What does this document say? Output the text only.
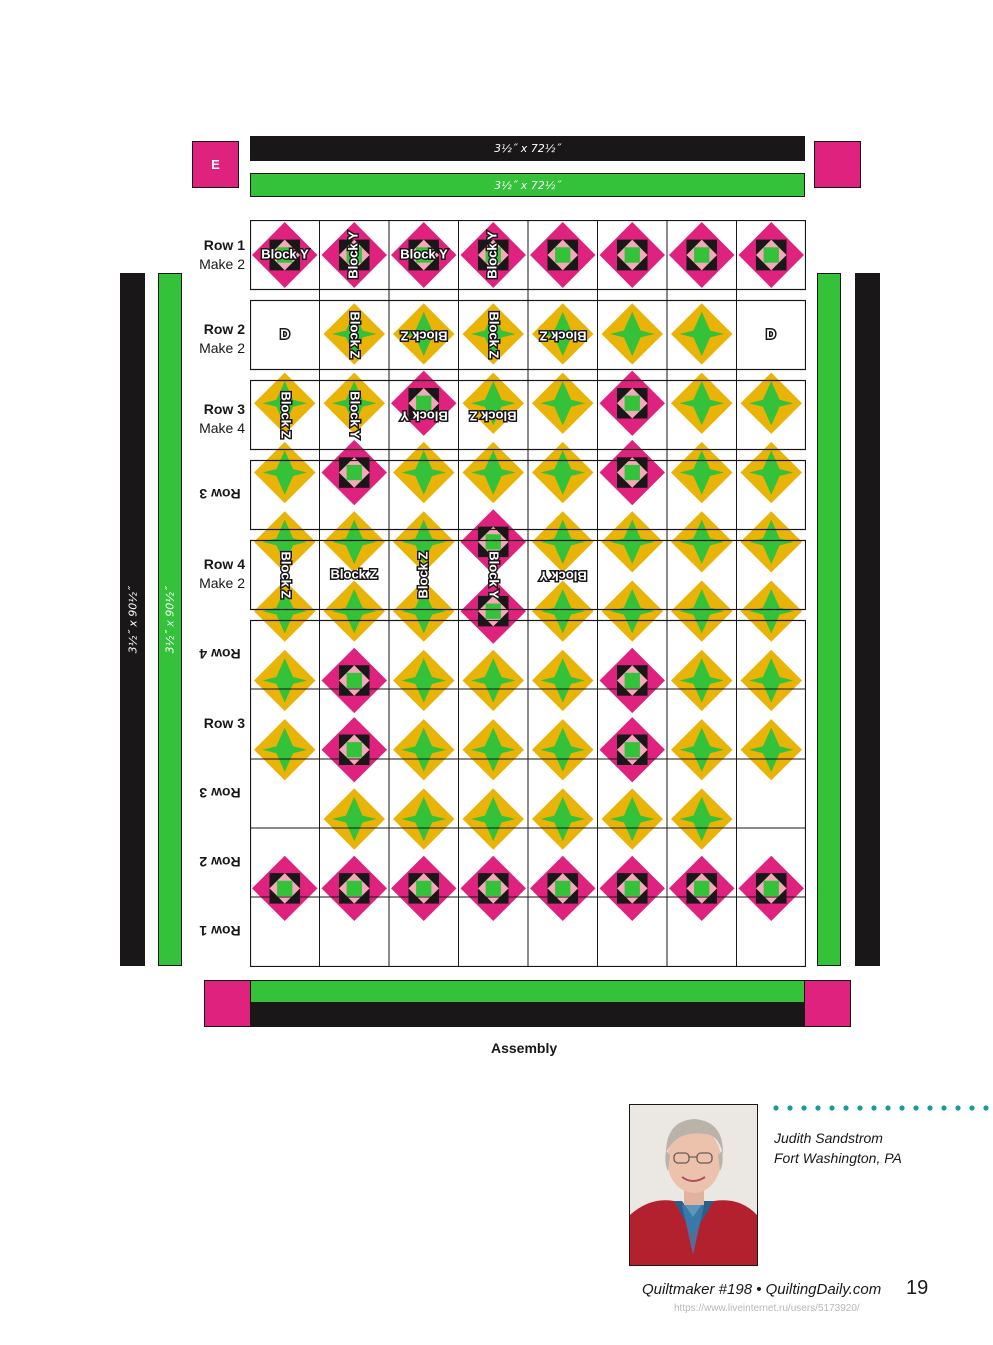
E
3½˝ x 72½˝
3½˝ x 72½˝
3½˝ x 90½˝ 3½˝ x 90½˝
Row 1
Make 2
Row 2
Make 2
Row 3
Make 4
Row 3
Row 4
Make 2
Row 4
Row 3
Row 3
Row 2
Row 1
Block Y	Block Y	Block Y	Block Y
D	Block Z	Block Z	Block Z	Block Z	D
Block Z	Block Y	Block Y Block Z
Block Z	Block Z	Block Z	Block Y	Block Y
Assembly
Judith Sandstrom
Fort Washington, PA
Quiltmaker #198 • QuiltingDaily.com 19
https://www.liveinternet.ru/users/5173920/
